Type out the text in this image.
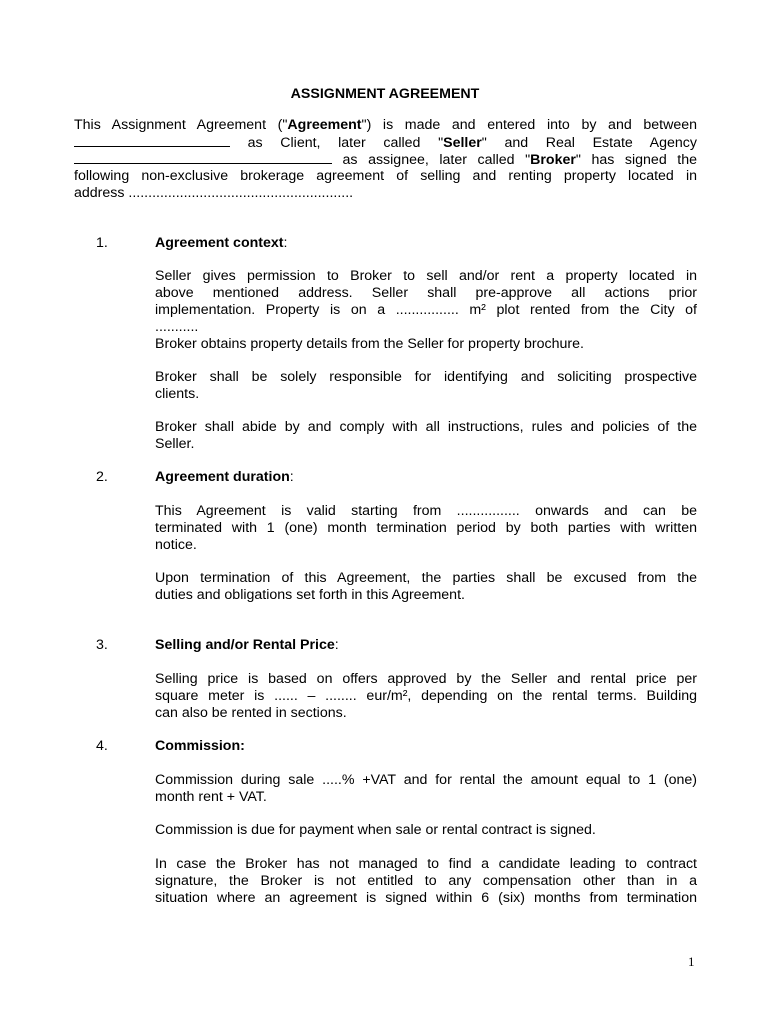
ASSIGNMENT AGREEMENT
This Assignment Agreement ("Agreement") is made and entered into by and between
as Client, later called "Seller" and Real Estate Agency
as assignee, later called "Broker" has signed the
following non-exclusive brokerage agreement of selling and renting property located in
address .........................................................
1.	Agreement context:
Seller gives permission to Broker to sell and/or rent a property located in
above mentioned address. Seller shall pre-approve all actions prior
implementation. Property is on a ................ m² plot rented from the City of
...........
Broker obtains property details from the Seller for property brochure.
Broker shall be solely responsible for identifying and soliciting prospective
clients.
Broker shall abide by and comply with all instructions, rules and policies of the
Seller.
2.	Agreement duration:
This Agreement is valid starting from ................ onwards and can be
terminated with 1 (one) month termination period by both parties with written
notice.
Upon termination of this Agreement, the parties shall be excused from the
duties and obligations set forth in this Agreement.
3.	Selling and/or Rental Price:
Selling price is based on offers approved by the Seller and rental price per
square meter is ...... – ........ eur/m², depending on the rental terms. Building
can also be rented in sections.
4.	Commission:
Commission during sale .....% +VAT and for rental the amount equal to 1 (one)
month rent + VAT.
Commission is due for payment when sale or rental contract is signed.
In case the Broker has not managed to find a candidate leading to contract
signature, the Broker is not entitled to any compensation other than in a
situation where an agreement is signed within 6 (six) months from termination
1
